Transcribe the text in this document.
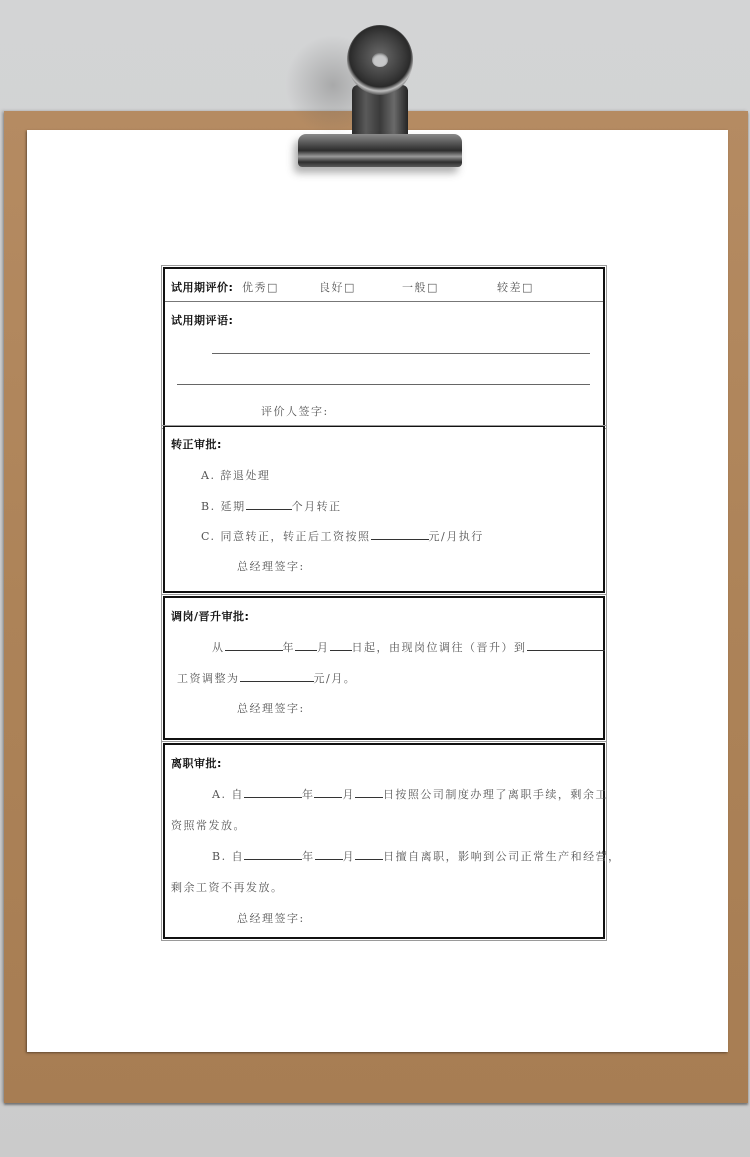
试用期评价: 优秀□	良好□	一般□	较差□
试用期评语:
评价人签字:
转正审批:
A. 辞退处理
B. 延期	个月转正
C. 同意转正，转正后工资按照	元/月执行
总经理签字:
调岗/晋升审批:
从	年 月 日起，由现岗位调往（晋升）到
工资调整为	元/月。
总经理签字:
离职审批:
A. 自	年	月	日按照公司制度办理了离职手续，剩余工
资照常发放。
B. 自	年	月	日擅自离职，影响到公司正常生产和经营，
剩余工资不再发放。
总经理签字:
